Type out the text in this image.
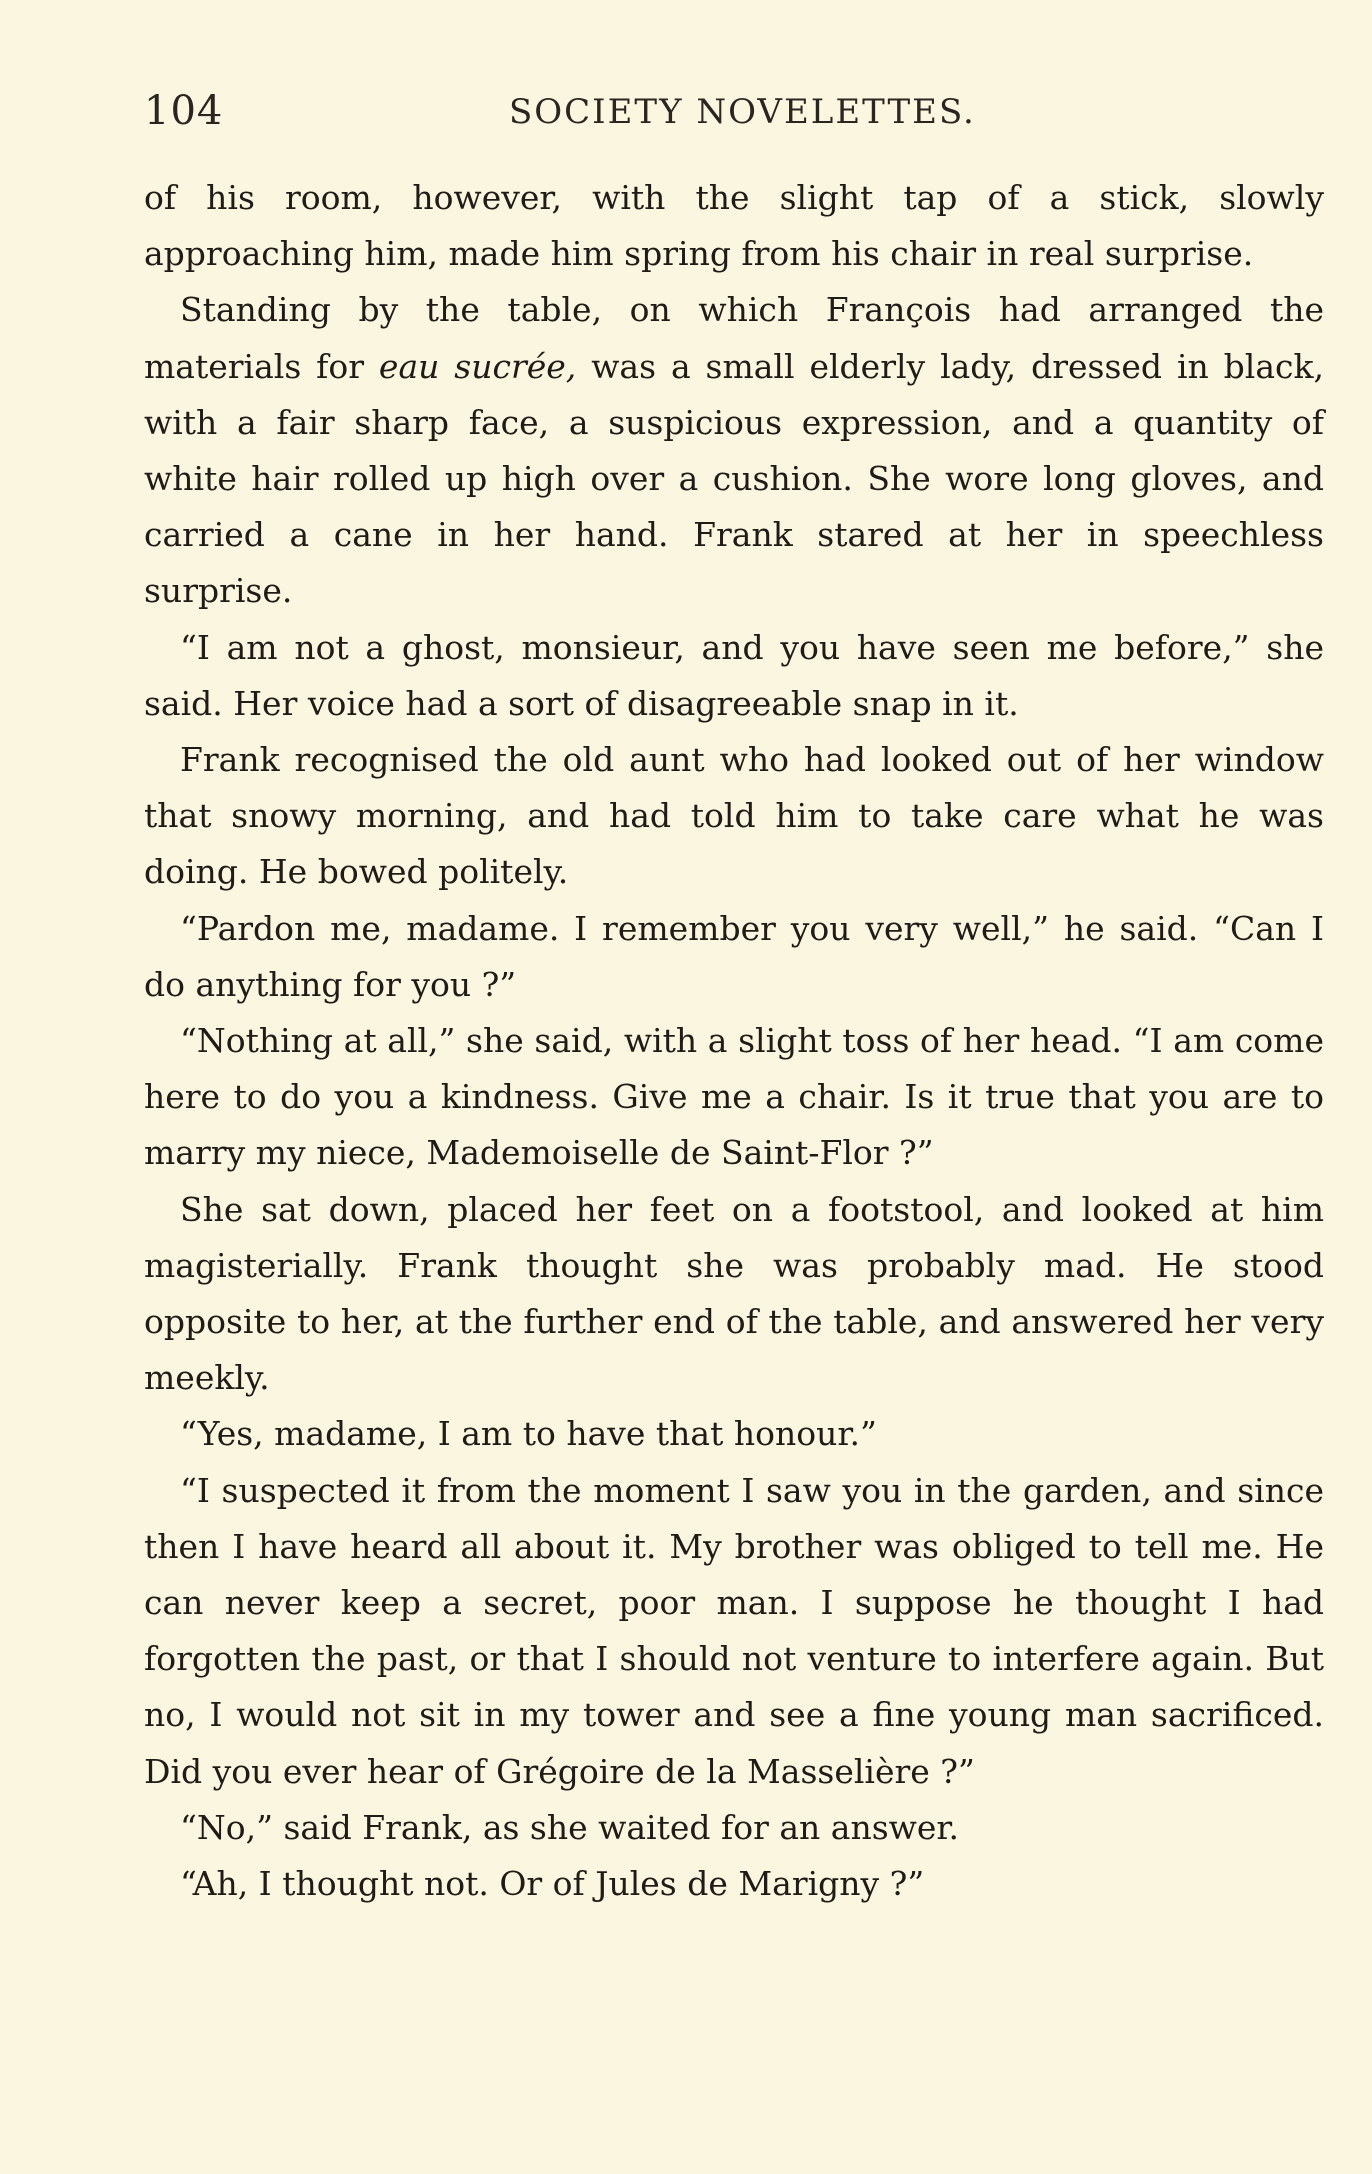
104	SOCIETY NOVELETTES.

of his room, however, with the slight tap of a stick, slowly approaching him, made him spring from his chair in real surprise.

Standing by the table, on which François had arranged the materials for eau sucrée, was a small elderly lady, dressed in black, with a fair sharp face, a suspicious expression, and a quantity of white hair rolled up high over a cushion. She wore long gloves, and carried a cane in her hand. Frank stared at her in speechless surprise.

“I am not a ghost, monsieur, and you have seen me before,” she said. Her voice had a sort of disagreeable snap in it.

Frank recognised the old aunt who had looked out of her window that snowy morning, and had told him to take care what he was doing. He bowed politely.

“Pardon me, madame. I remember you very well,” he said. “Can I do anything for you ?”

“Nothing at all,” she said, with a slight toss of her head. “I am come here to do you a kindness. Give me a chair. Is it true that you are to marry my niece, Mademoiselle de Saint-Flor ?”

She sat down, placed her feet on a footstool, and looked at him magisterially. Frank thought she was probably mad. He stood opposite to her, at the further end of the table, and answered her very meekly.

“Yes, madame, I am to have that honour.”

“I suspected it from the moment I saw you in the garden, and since then I have heard all about it. My brother was obliged to tell me. He can never keep a secret, poor man. I suppose he thought I had forgotten the past, or that I should not venture to interfere again. But no, I would not sit in my tower and see a fine young man sacrificed. Did you ever hear of Grégoire de la Masselière ?”

“No,” said Frank, as she waited for an answer.

“Ah, I thought not. Or of Jules de Marigny ?”
